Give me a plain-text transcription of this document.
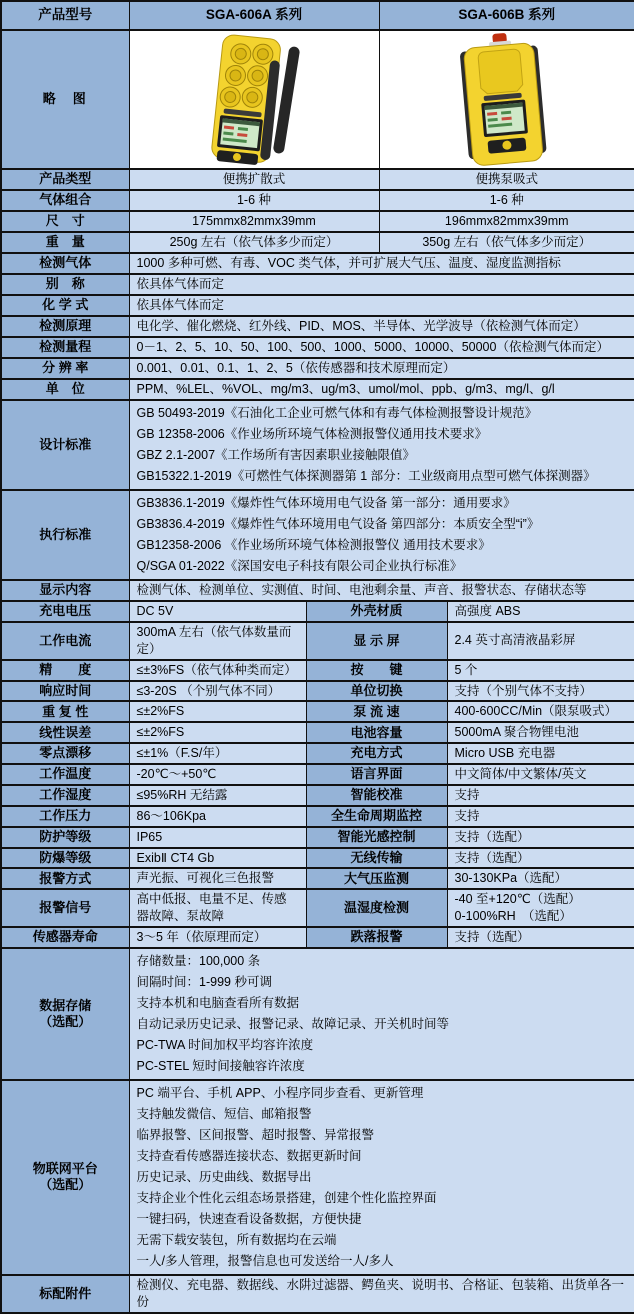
产品型号	SGA-606A 系列		SGA-606B 系列	
略　图	

产品类型	便携扩散式		便携泵吸式	
气体组合	1-6 种		1-6 种	
尺　寸	175mmx82mmx39mm		196mmx82mmx39mm	
重　量	250g 左右（依气体多少而定）		350g 左右（依气体多少而定）	
检测气体	1000 多种可燃、有毒、VOC 类气体，并可扩展大气压、温度、湿度监测指标			
别　称	依具体气体而定			
化 学 式	依具体气体而定			
检测原理	电化学、催化燃烧、红外线、PID、MOS、半导体、光学波导（依检测气体而定）			
检测量程	0－1、2、5、10、50、100、500、1000、5000、10000、50000（依检测气体而定）			
分 辨 率	0.001、0.01、0.1、1、2、5（依传感器和技术原理而定）			
单　位	PPM、%LEL、%VOL、mg/m3、ug/m3、umol/mol、ppb、g/m3、mg/l、g/l			
设计标准	GB 50493-2019《石油化工企业可燃气体和有毒气体检测报警设计规范》
GB 12358-2006《作业场所环境气体检测报警仪通用技术要求》
GBZ 2.1-2007《工作场所有害因素职业接触限值》
GB15322.1-2019《可燃性气体探测器第 1 部分：工业级商用点型可燃气体探测器》			

执行标准	GB3836.1-2019《爆炸性气体环境用电气设备 第一部分：通用要求》
GB3836.4-2019《爆炸性气体环境用电气设备 第四部分：本质安全型“i”》
GB12358-2006 《作业场所环境气体检测报警仪 通用技术要求》
Q/SGA 01-2022《深国安电子科技有限公司企业执行标准》			

显示内容	检测气体、检测单位、实测值、时间、电池剩余量、声音、报警状态、存储状态等			
充电电压	DC 5V	外壳材质		高强度 ABS
工作电流	300mA 左右（依气体数量而定）	显 示 屏		2.4 英寸高清液晶彩屏
精　　度	≤±3%FS（依气体种类而定）	按　　键		5 个
响应时间	≤3-20S （个别气体不同）	单位切换		支持（个别气体不支持）
重 复 性	≤±2%FS	泵 流 速		400-600CC/Min（限泵吸式）
线性误差	≤±2%FS	电池容量		5000mA 聚合物锂电池
零点漂移	≤±1%（F.S/年）	充电方式		Micro USB 充电器
工作温度	-20℃～+50℃	语言界面		中文简体/中文繁体/英文
工作湿度	≤95%RH 无结露	智能校准		支持
工作压力	86～106Kpa	全生命周期监控		支持
防护等级	IP65	智能光感控制		支持（选配）
防爆等级	ExibⅡ CT4 Gb	无线传输		支持（选配）
报警方式	声光振、可视化三色报警	大气压监测		30-130KPa（选配）
报警信号	高中低报、电量不足、传感器故障、泵故障	温湿度检测		-40 至+120℃（选配）
0-100%RH　（选配）
传感器寿命	3～5 年（依原理而定）	跌落报警		支持（选配）

数据存储
（选配）

存储数量：100,000 条
间隔时间：1-999 秒可调
支持本机和电脑查看所有数据
自动记录历史记录、报警记录、故障记录、开关机时间等
PC-TWA 时间加权平均容许浓度
PC-STEL 短时间接触容许浓度

物联网平台
（选配）

PC 端平台、手机 APP、小程序同步查看、更新管理
支持触发微信、短信、邮箱报警
临界报警、区间报警、超时报警、异常报警
支持查看传感器连接状态、数据更新时间
历史记录、历史曲线、数据导出
支持企业个性化云组态场景搭建，创建个性化监控界面
一键扫码，快速查看设备数据，方便快捷
无需下载安装包，所有数据均在云端
一人/多人管理，报警信息也可发送给一人/多人

标配附件	检测仪、充电器、数据线、水阱过滤器、鳄鱼夹、说明书、合格证、包装箱、出货单各一份			
